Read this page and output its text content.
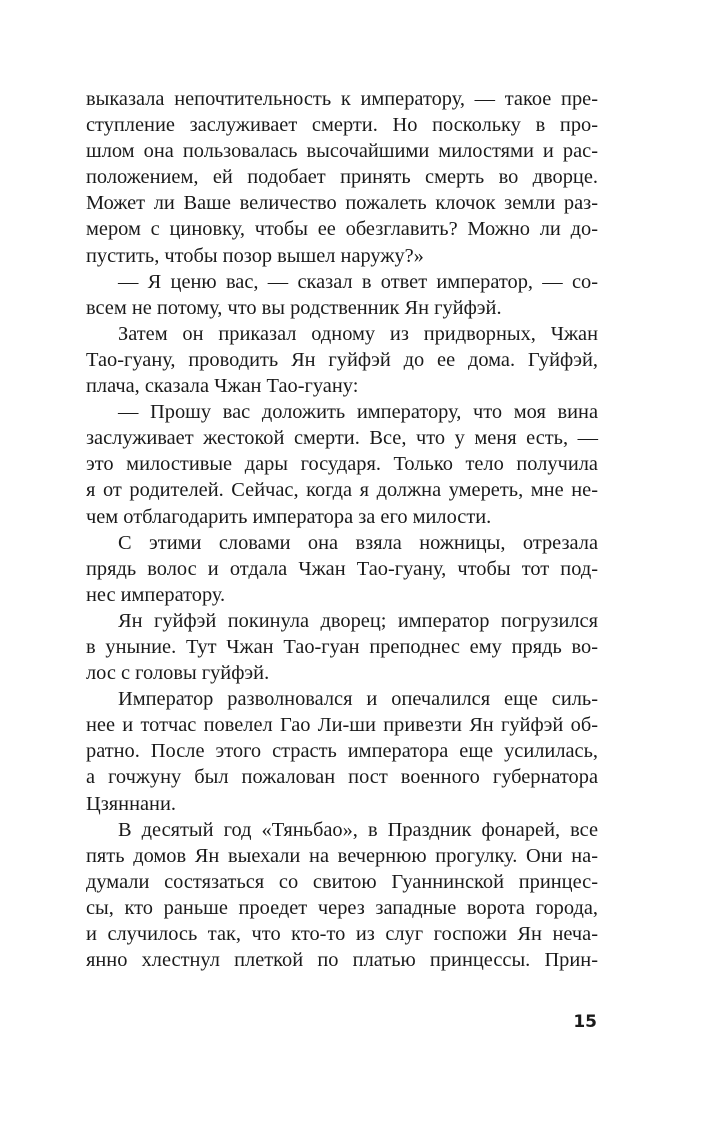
выказала непочтительность к императору, — такое пре-
ступление заслуживает смерти. Но поскольку в про-
шлом она пользовалась высочайшими милостями и рас-
положением, ей подобает принять смерть во дворце.
Может ли Ваше величество пожалеть клочок земли раз-
мером с циновку, чтобы ее обезглавить? Можно ли до-
пустить, чтобы позор вышел наружу?»
— Я ценю вас, — сказал в ответ император, — со-
всем не потому, что вы родственник Ян гуйфэй.
Затем он приказал одному из придворных, Чжан
Тао-гуану, проводить Ян гуйфэй до ее дома. Гуйфэй,
плача, сказала Чжан Тао-гуану:
— Прошу вас доложить императору, что моя вина
заслуживает жестокой смерти. Все, что у меня есть, —
это милостивые дары государя. Только тело получила
я от родителей. Сейчас, когда я должна умереть, мне не-
чем отблагодарить императора за его милости.
С этими словами она взяла ножницы, отрезала
прядь волос и отдала Чжан Тао-гуану, чтобы тот под-
нес императору.
Ян гуйфэй покинула дворец; император погрузился
в уныние. Тут Чжан Тао-гуан преподнес ему прядь во-
лос с головы гуйфэй.
Император разволновался и опечалился еще силь-
нее и тотчас повелел Гао Ли-ши привезти Ян гуйфэй об-
ратно. После этого страсть императора еще усилилась,
а гочжуну был пожалован пост военного губернатора
Цзяннани.
В десятый год «Тяньбао», в Праздник фонарей, все
пять домов Ян выехали на вечернюю прогулку. Они на-
думали состязаться со свитою Гуаннинской принцес-
сы, кто раньше проедет через западные ворота города,
и случилось так, что кто-то из слуг госпожи Ян неча-
янно хлестнул плеткой по платью принцессы. Прин-
15
